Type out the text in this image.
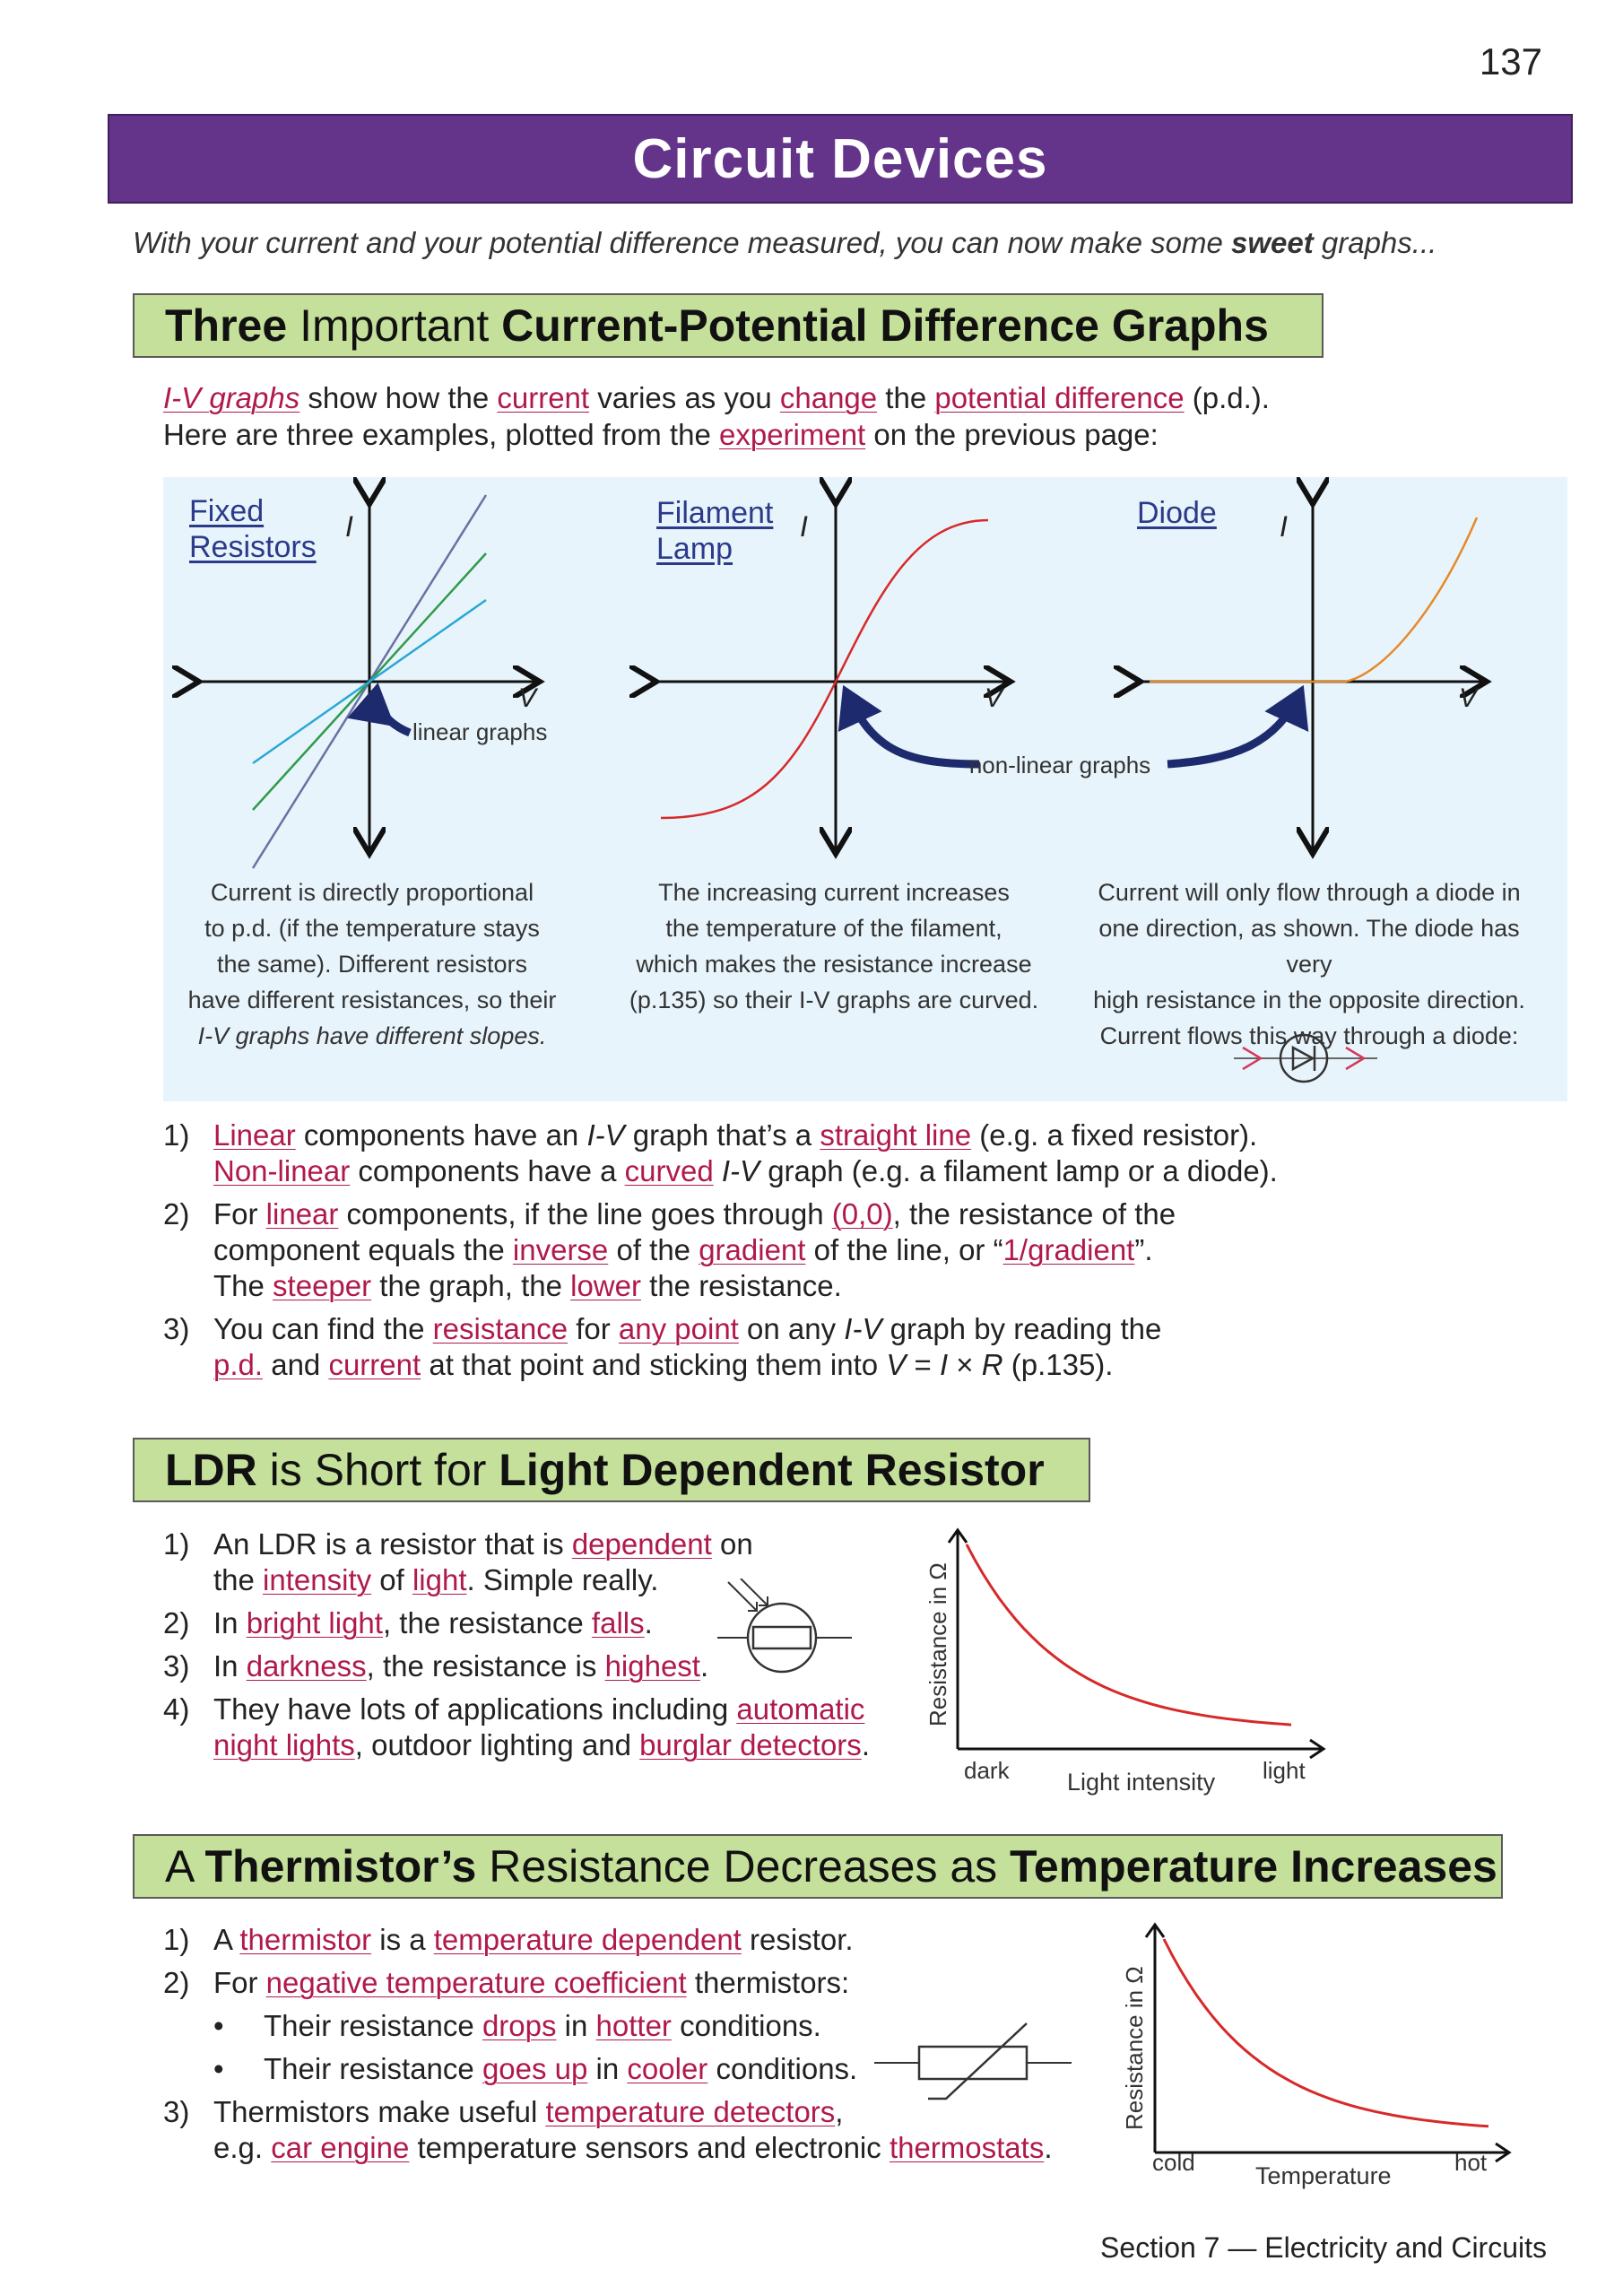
137
Circuit Devices
With your current and your potential difference measured, you can now make some sweet graphs...
Three Important Current-Potential Difference Graphs
I-V graphs show how the current varies as you change the potential difference (p.d.).
Here are three examples, plotted from the experiment on the previous page:
Fixed
Resistors
Filament
Lamp
Diode
I
V
linear graphs
I
V
I
V
non-linear graphs
Current is directly proportional
to p.d. (if the temperature stays
the same). Different resistors
have different resistances, so their
I-V graphs have different slopes.
The increasing current increases
the temperature of the filament,
which makes the resistance increase
(p.135) so their I-V graphs are curved.
Current will only flow through a diode in
one direction, as shown. The diode has very
high resistance in the opposite direction.
Current flows this way through a diode:
1) Linear components have an I-V graph that’s a straight line (e.g. a fixed resistor).
Non-linear components have a curved I-V graph (e.g. a filament lamp or a diode).
2) For linear components, if the line goes through (0,0), the resistance of the
component equals the inverse of the gradient of the line, or “1/gradient”.
The steeper the graph, the lower the resistance.
3) You can find the resistance for any point on any I-V graph by reading the
p.d. and current at that point and sticking them into V = I × R (p.135).
LDR is Short for Light Dependent Resistor
1) An LDR is a resistor that is dependent on
the intensity of light. Simple really.
2) In bright light, the resistance falls.
3) In darkness, the resistance is highest.
4) They have lots of applications including automatic
night lights, outdoor lighting and burglar detectors.
Resistance in Ω
dark Light intensity light
A Thermistor’s Resistance Decreases as Temperature Increases
1) A thermistor is a temperature dependent resistor.
2) For negative temperature coefficient thermistors:
• Their resistance drops in hotter conditions.
• Their resistance goes up in cooler conditions.
3) Thermistors make useful temperature detectors,
e.g. car engine temperature sensors and electronic thermostats.
Resistance in Ω
cold Temperature	hot
Section 7 — Electricity and Circuits
